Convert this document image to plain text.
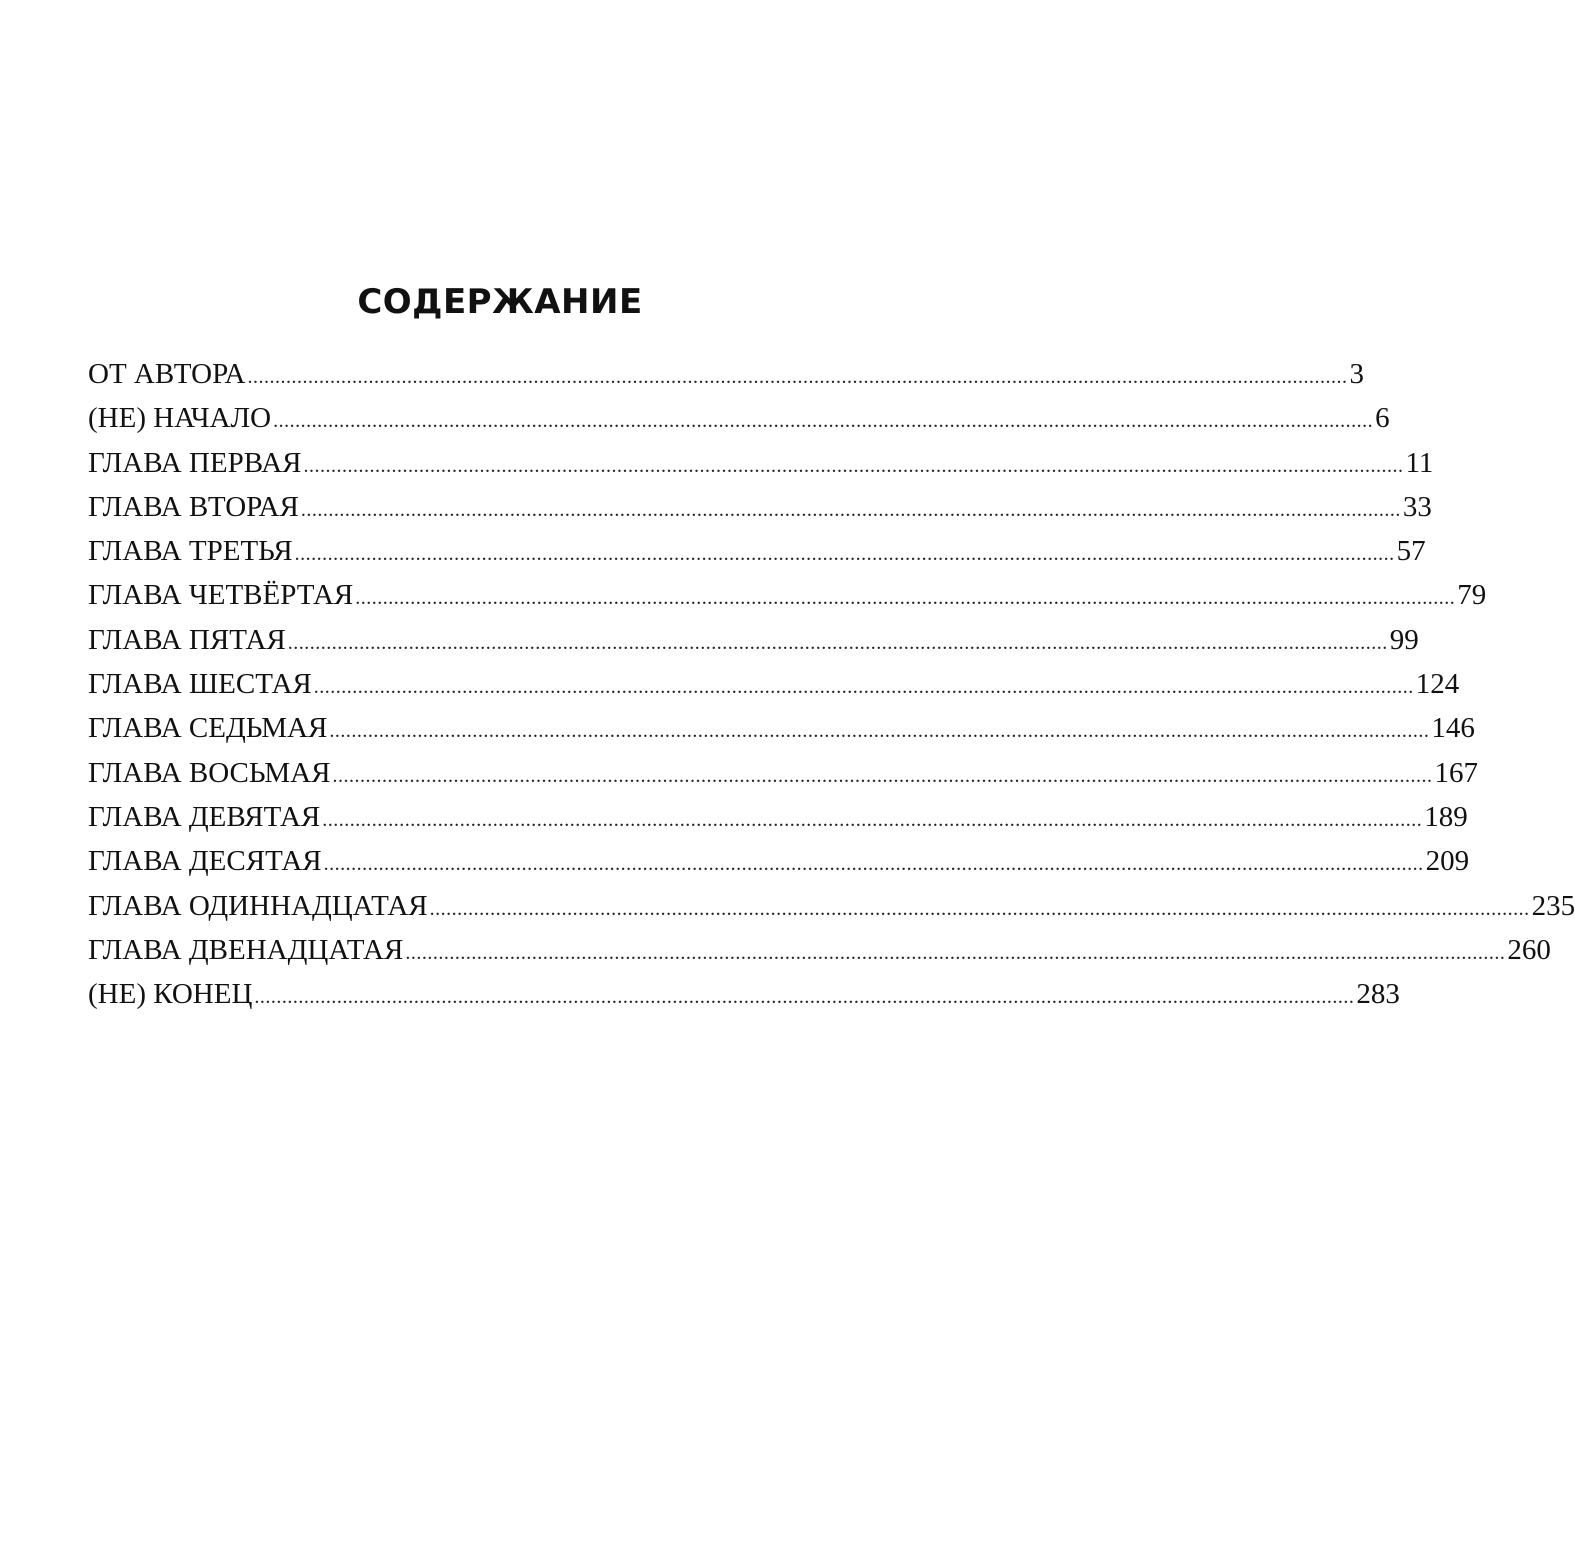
СОДЕРЖАНИЕ
ОТ АВТОРА ........................................................................................................................................................................................................ 3
(НЕ) НАЧАЛО ........................................................................................................................................................................................................ 6
ГЛАВА ПЕРВАЯ ........................................................................................................................................................................................................ 11
ГЛАВА ВТОРАЯ ........................................................................................................................................................................................................ 33
ГЛАВА ТРЕТЬЯ ........................................................................................................................................................................................................ 57
ГЛАВА ЧЕТВЁРТАЯ ........................................................................................................................................................................................................ 79
ГЛАВА ПЯТАЯ ........................................................................................................................................................................................................ 99
ГЛАВА ШЕСТАЯ ........................................................................................................................................................................................................ 124
ГЛАВА СЕДЬМАЯ ........................................................................................................................................................................................................ 146
ГЛАВА ВОСЬМАЯ ........................................................................................................................................................................................................ 167
ГЛАВА ДЕВЯТАЯ ........................................................................................................................................................................................................ 189
ГЛАВА ДЕСЯТАЯ ........................................................................................................................................................................................................ 209
ГЛАВА ОДИННАДЦАТАЯ ........................................................................................................................................................................................................ 235
ГЛАВА ДВЕНАДЦАТАЯ ........................................................................................................................................................................................................ 260
(НЕ) КОНЕЦ ........................................................................................................................................................................................................ 283
